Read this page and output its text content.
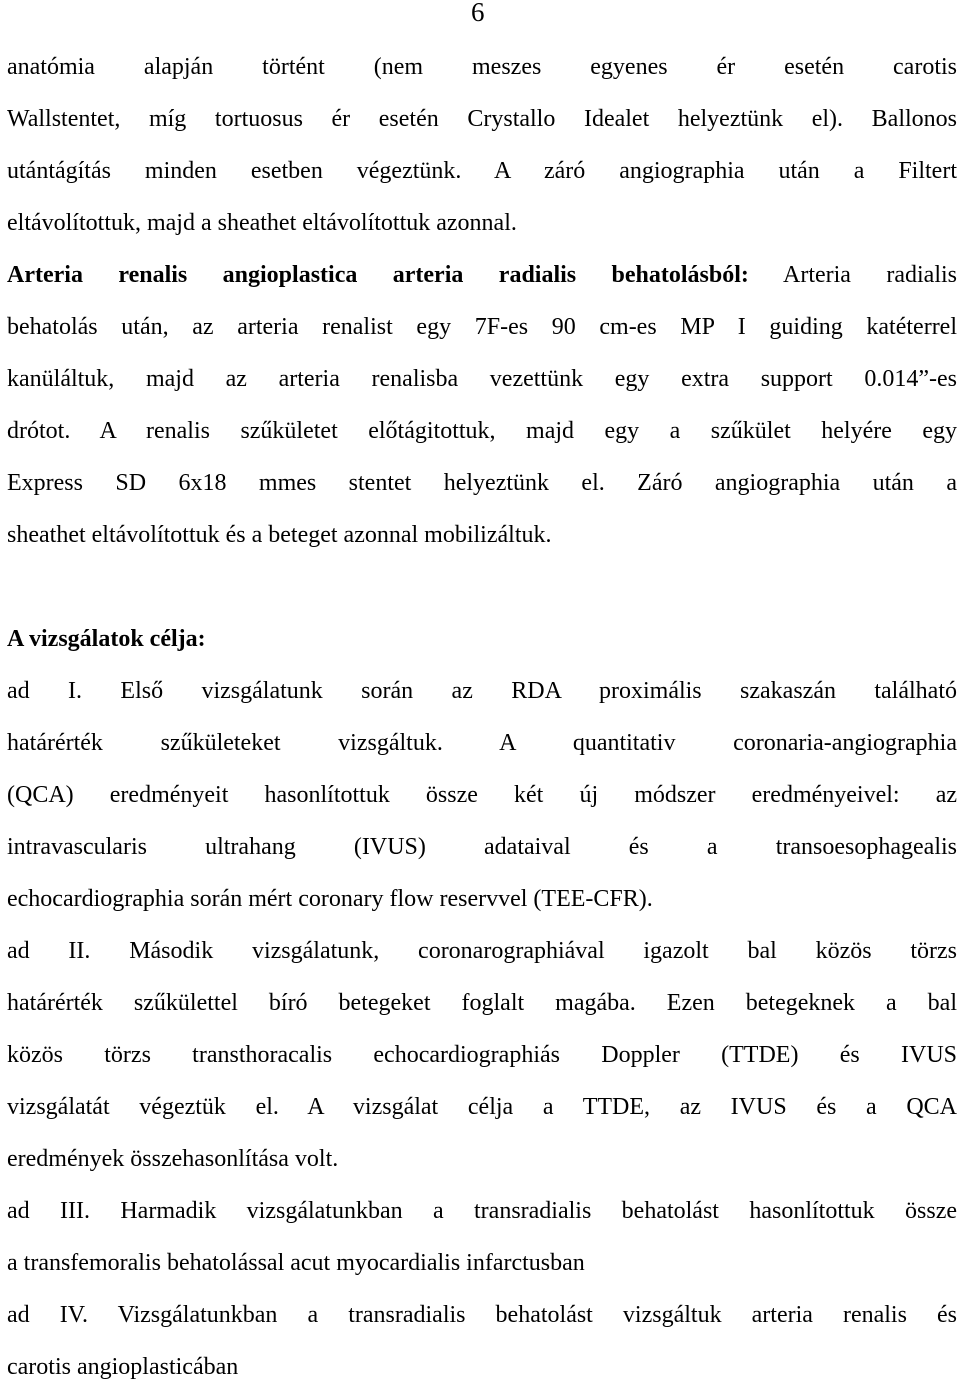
6
anatómia alapján történt (nem meszes egyenes ér esetén carotis
Wallstentet, míg tortuosus ér esetén Crystallo Idealet helyeztünk el). Ballonos
utántágítás minden esetben végeztünk. A záró angiographia után a Filtert
eltávolítottuk, majd a sheathet eltávolítottuk azonnal.
Arteria renalis angioplastica arteria radialis behatolásból: Arteria radialis
behatolás után, az arteria renalist egy 7F-es 90 cm-es MP I guiding katéterrel
kanüláltuk, majd az arteria renalisba vezettünk egy extra support 0.014”-es
drótot. A renalis szűkületet előtágitottuk, majd egy a szűkület helyére egy
Express SD 6x18 mmes stentet helyeztünk el. Záró angiographia után a
sheathet eltávolítottuk és a beteget azonnal mobilizáltuk.
A vizsgálatok célja:
ad I. Első vizsgálatunk során az RDA proximális szakaszán található
határérték szűkületeket vizsgáltuk. A quantitativ coronaria-angiographia
(QCA) eredményeit hasonlítottuk össze két új módszer eredményeivel: az
intravascularis ultrahang (IVUS) adataival és a transoesophagealis
echocardiographia során mért coronary flow reservvel (TEE-CFR).
ad II. Második vizsgálatunk, coronarographiával igazolt bal közös törzs
határérték szűkülettel bíró betegeket foglalt magába. Ezen betegeknek a bal
közös törzs transthoracalis echocardiographiás Doppler (TTDE) és IVUS
vizsgálatát végeztük el. A vizsgálat célja a TTDE, az IVUS és a QCA
eredmények összehasonlítása volt.
ad III. Harmadik vizsgálatunkban a transradialis behatolást hasonlítottuk össze
a transfemoralis behatolással acut myocardialis infarctusban
ad IV. Vizsgálatunkban a transradialis behatolást vizsgáltuk arteria renalis és
carotis angioplasticában
